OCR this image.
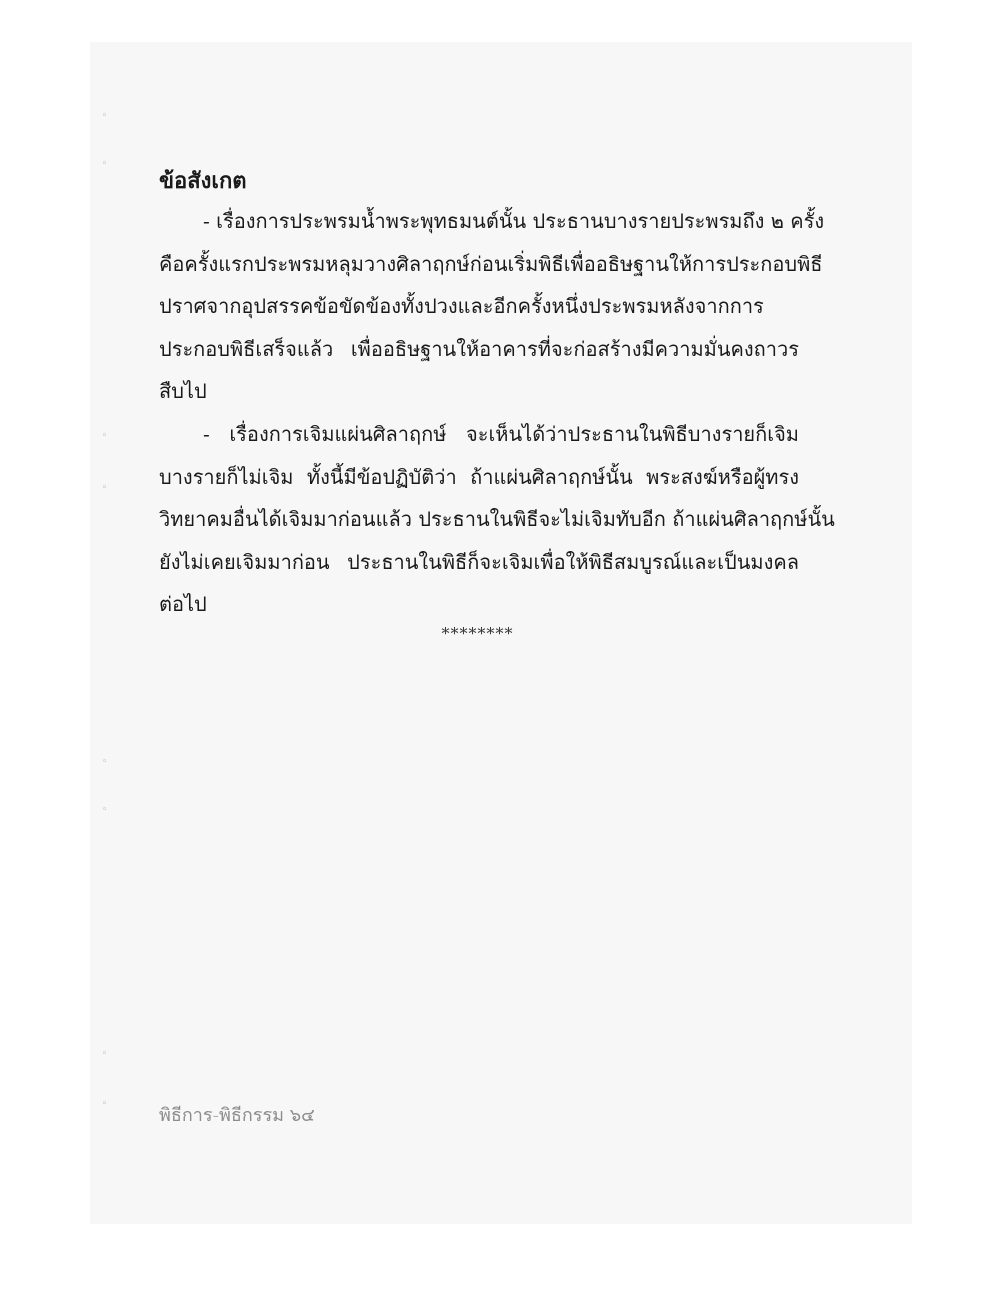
◦
◦
◦
◦
◦
◦
◦
◦
ข้อสังเกต
- เรื่องการประพรมน้ำพระพุทธมนต์นั้น ประธานบางรายประพรมถึง ๒ ครั้ง
คือครั้งแรกประพรมหลุมวางศิลาฤกษ์ก่อนเริ่มพิธีเพื่ออธิษฐานให้การประกอบพิธี
ปราศจากอุปสรรคข้อขัดข้องทั้งปวงและอีกครั้งหนึ่งประพรมหลังจากการ
ประกอบพิธีเสร็จแล้ว เพื่ออธิษฐานให้อาคารที่จะก่อสร้างมีความมั่นคงถาวร
สืบไป
- เรื่องการเจิมแผ่นศิลาฤกษ์ จะเห็นได้ว่าประธานในพิธีบางรายก็เจิม
บางรายก็ไม่เจิม ทั้งนี้มีข้อปฏิบัติว่า ถ้าแผ่นศิลาฤกษ์นั้น พระสงฆ์หรือผู้ทรง
วิทยาคมอื่นได้เจิมมาก่อนแล้ว ประธานในพิธีจะไม่เจิมทับอีก ถ้าแผ่นศิลาฤกษ์นั้น
ยังไม่เคยเจิมมาก่อน ประธานในพิธีก็จะเจิมเพื่อให้พิธีสมบูรณ์และเป็นมงคล
ต่อไป

********

พิธีการ-พิธีกรรม ๖๔
